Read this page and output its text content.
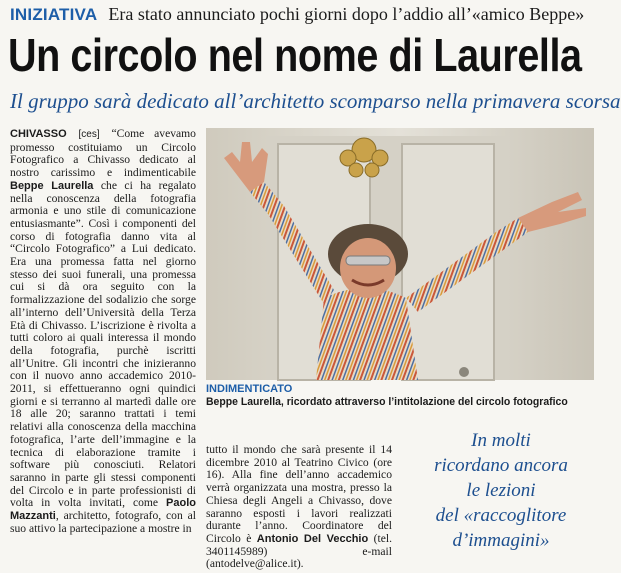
INIZIATIVA Era stato annunciato pochi giorni dopo l’addio all’«amico Beppe»
Un circolo nel nome di Laurella
Il gruppo sarà dedicato all’architetto scomparso nella primavera scorsa
CHIVASSO [ces] “Come avevamo promesso costituiamo un Circolo Fotografico a Chivasso dedicato al nostro carissimo e indimenticabile Beppe Laurella che ci ha regalato nella conoscenza della fotografia armonia e uno stile di comunicazione entusiasmante”. Così i componenti del corso di fotografia danno vita al “Circolo Fotografico” a Lui dedicato. Era una promessa fatta nel giorno stesso dei suoi funerali, una promessa cui si dà ora seguito con la formalizzazione del sodalizio che sorge all’interno dell’Università della Terza Età di Chivasso. L’iscrizione è rivolta a tutti coloro ai quali interessa il mondo della fotografia, purchè iscritti all’Unitre. Gli incontri che inizieranno con il nuovo anno accademico 2010-2011, si effettueranno ogni quindici giorni e si terranno al martedì dalle ore 18 alle 20; saranno trattati i temi relativi alla conoscenza della macchina fotografica, l’arte dell’immagine e la tecnica di elaborazione tramite i software più conosciuti. Relatori saranno in parte gli stessi componenti del Circolo e in parte professionisti di volta in volta invitati, come Paolo Mazzanti, architetto, fotografo, con al suo attivo la partecipazione a mostre in
INDIMENTICATO
Beppe Laurella, ricordato attraverso l’intitolazione del circolo fotografico
tutto il mondo che sarà presente il 14 dicembre 2010 al Teatrino Civico (ore 16). Alla fine dell’anno accademico verrà organizzata una mostra, presso la Chiesa degli Angeli a Chivasso, dove saranno esposti i lavori realizzati durante l’anno. Coordinatore del Circolo è Antonio Del Vecchio (tel. 3401145989) e-mail (antodelve@alice.it).
In molti
ricordano ancora
le lezioni
del «raccoglitore
d’immagini»
